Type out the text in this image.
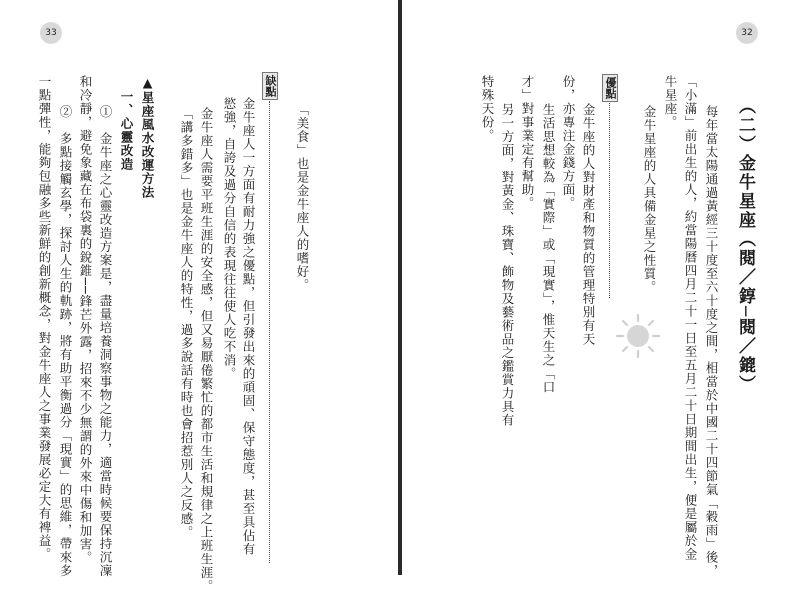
33
「美食」也是金牛座人的嗜好。
缺點
金牛座人一方面有耐力強之優點，但引發出來的頑固、保守態度，甚至具佔有
慾強，自誇及過分自信的表現往往使人吃不消。
金牛座人需要平班生涯的安全感，但又易厭倦繁忙的都市生活和規律之上班生涯。
「講多錯多」也是金牛座人的特性，過多說話有時也會招惹別人之反感。
▲星座風水改運方法
一、心靈改造
①　金牛座之心靈改造方案是，盡量培養洞察事物之能力，適當時候要保持沉凜
和冷靜，避免象藏在布袋裏的銳錐──鋒芒外露，招來不少無謂的外來中傷和加害。
②　多點接觸玄學，探討人生的軌跡，將有助平衡過分「現實」的思維，帶來多
一點彈性，能夠包融多些新鮮的創新概念，對金牛座人之事業發展必定大有裨益。
32
（二）金牛星座（閱／錞─閱／鎞）
每年當太陽通過黃經三十度至六十度之間，相當於中國二十四節氣「穀雨」後，
「小滿」前出生的人，約當陽曆四月二十一日至五月二十日期間出生，便是屬於金
牛星座。
金牛星座的人具備金星之性質。
優點
金牛座的人對財產和物質的管理特別有天
份，亦專注金錢方面。
生活思想較為「實際」或「現實」，惟天生之「口
才」對事業定有幫助。
另一方面，對黃金、珠寶、飾物及藝術品之鑑賞力具有
特殊天份。
